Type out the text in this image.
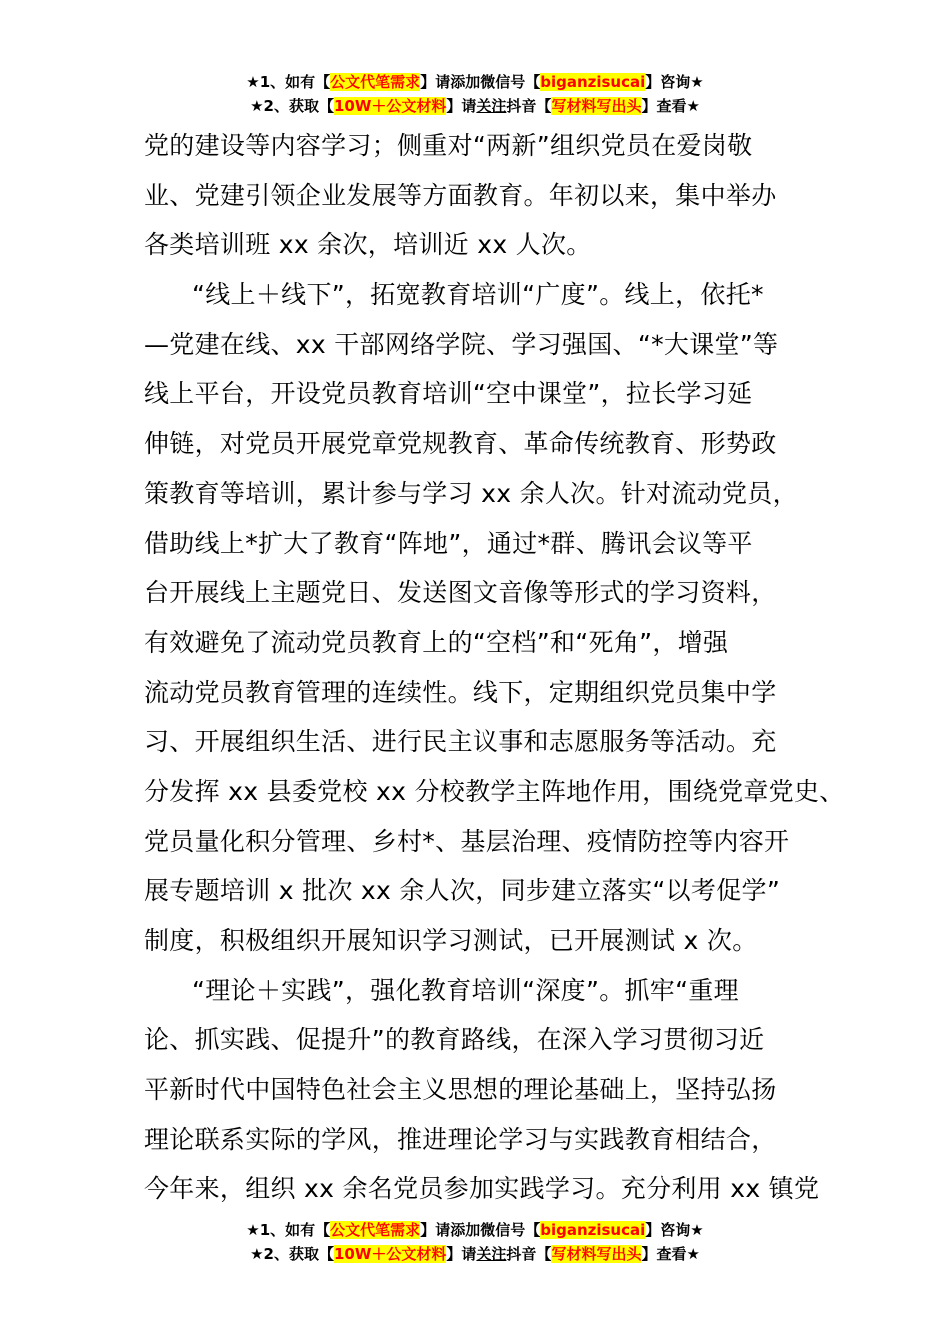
★1、如有【公文代笔需求】请添加微信号【biganzisucai】咨询★
★2、获取【10W＋公文材料】请关注抖音【写材料写出头】查看★
党的建设等内容学习；侧重对“两新”组织党员在爱岗敬
业、党建引领企业发展等方面教育。年初以来，集中举办
各类培训班 xx 余次，培训近 xx 人次。
“线上＋线下”，拓宽教育培训“广度”。线上，依托*
—党建在线、xx 干部网络学院、学习强国、“*大课堂”等
线上平台，开设党员教育培训“空中课堂”，拉长学习延
伸链，对党员开展党章党规教育、革命传统教育、形势政
策教育等培训，累计参与学习 xx 余人次。针对流动党员，
借助线上*扩大了教育“阵地”，通过*群、腾讯会议等平
台开展线上主题党日、发送图文音像等形式的学习资料，
有效避免了流动党员教育上的“空档”和“死角”，增强
流动党员教育管理的连续性。线下，定期组织党员集中学
习、开展组织生活、进行民主议事和志愿服务等活动。充
分发挥 xx 县委党校 xx 分校教学主阵地作用，围绕党章党史、
党员量化积分管理、乡村*、基层治理、疫情防控等内容开
展专题培训 x 批次 xx 余人次，同步建立落实“以考促学”
制度，积极组织开展知识学习测试，已开展测试 x 次。
“理论＋实践”，强化教育培训“深度”。抓牢“重理
论、抓实践、促提升”的教育路线，在深入学习贯彻习近
平新时代中国特色社会主义思想的理论基础上，坚持弘扬
理论联系实际的学风，推进理论学习与实践教育相结合，
今年来，组织 xx 余名党员参加实践学习。充分利用 xx 镇党
★1、如有【公文代笔需求】请添加微信号【biganzisucai】咨询★
★2、获取【10W＋公文材料】请关注抖音【写材料写出头】查看★
